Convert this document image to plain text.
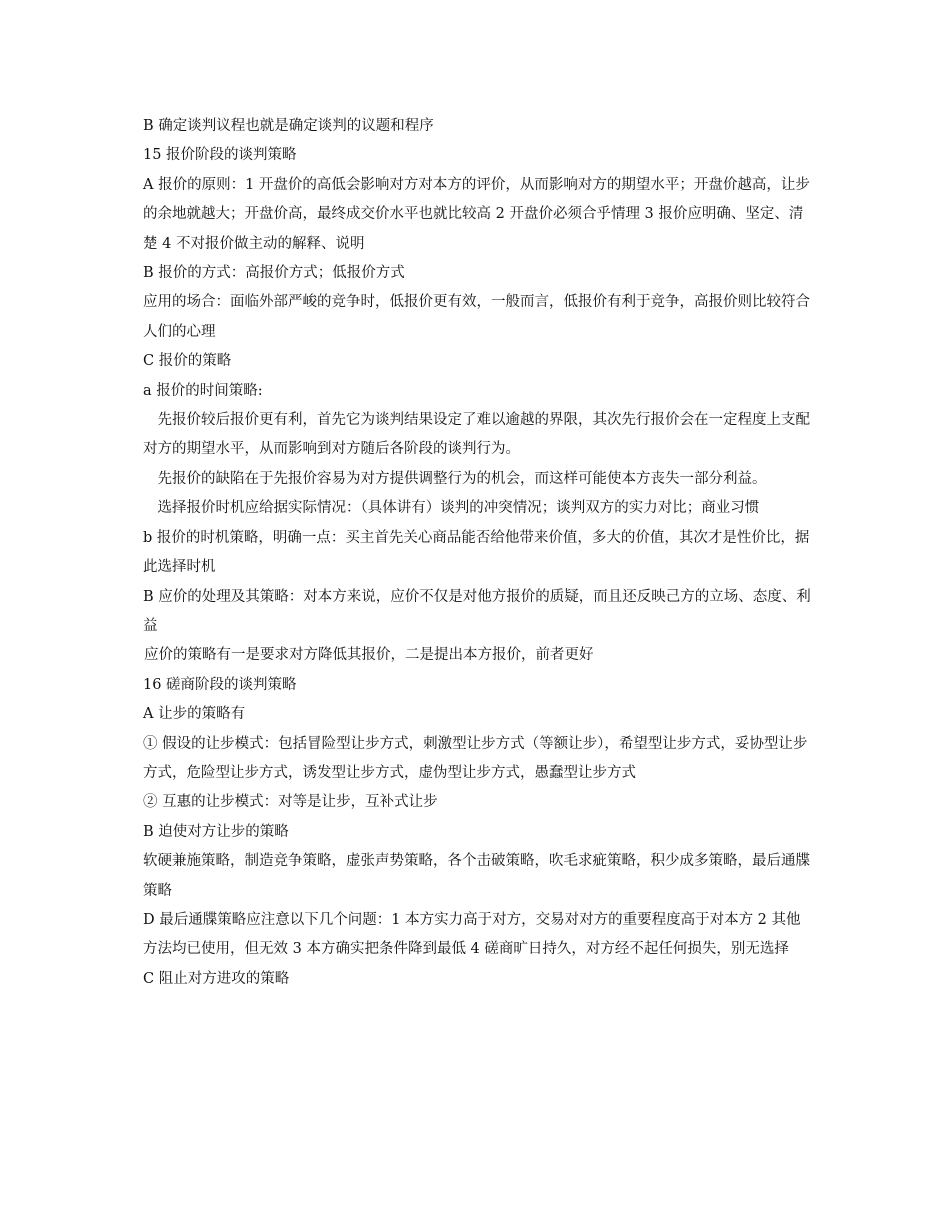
B 确定谈判议程也就是确定谈判的议题和程序

15 报价阶段的谈判策略

A 报价的原则：1 开盘价的高低会影响对方对本方的评价，从而影响对方的期望水平；开盘价越高，让步的余地就越大；开盘价高，最终成交价水平也就比较高 2 开盘价必须合乎情理 3 报价应明确、坚定、清楚 4 不对报价做主动的解释、说明

B 报价的方式：高报价方式；低报价方式

应用的场合：面临外部严峻的竞争时，低报价更有效，一般而言，低报价有利于竞争，高报价则比较符合人们的心理

C 报价的策略

a 报价的时间策略:

先报价较后报价更有利，首先它为谈判结果设定了难以逾越的界限，其次先行报价会在一定程度上支配对方的期望水平，从而影响到对方随后各阶段的谈判行为。

先报价的缺陷在于先报价容易为对方提供调整行为的机会，而这样可能使本方丧失一部分利益。

选择报价时机应给据实际情况：（具体讲有）谈判的冲突情况；谈判双方的实力对比；商业习惯

b 报价的时机策略，明确一点：买主首先关心商品能否给他带来价值，多大的价值，其次才是性价比，据此选择时机

B 应价的处理及其策略：对本方来说，应价不仅是对他方报价的质疑，而且还反映己方的立场、态度、利益

应价的策略有一是要求对方降低其报价，二是提出本方报价，前者更好

16 磋商阶段的谈判策略

A 让步的策略有

① 假设的让步模式：包括冒险型让步方式，刺激型让步方式（等额让步），希望型让步方式，妥协型让步方式，危险型让步方式，诱发型让步方式，虚伪型让步方式，愚蠢型让步方式

② 互惠的让步模式：对等是让步，互补式让步

B 迫使对方让步的策略

软硬兼施策略，制造竞争策略，虚张声势策略，各个击破策略，吹毛求疵策略，积少成多策略，最后通牒策略

D 最后通牒策略应注意以下几个问题：1 本方实力高于对方，交易对对方的重要程度高于对本方 2 其他方法均已使用，但无效 3 本方确实把条件降到最低 4 磋商旷日持久，对方经不起任何损失，别无选择

C 阻止对方进攻的策略
